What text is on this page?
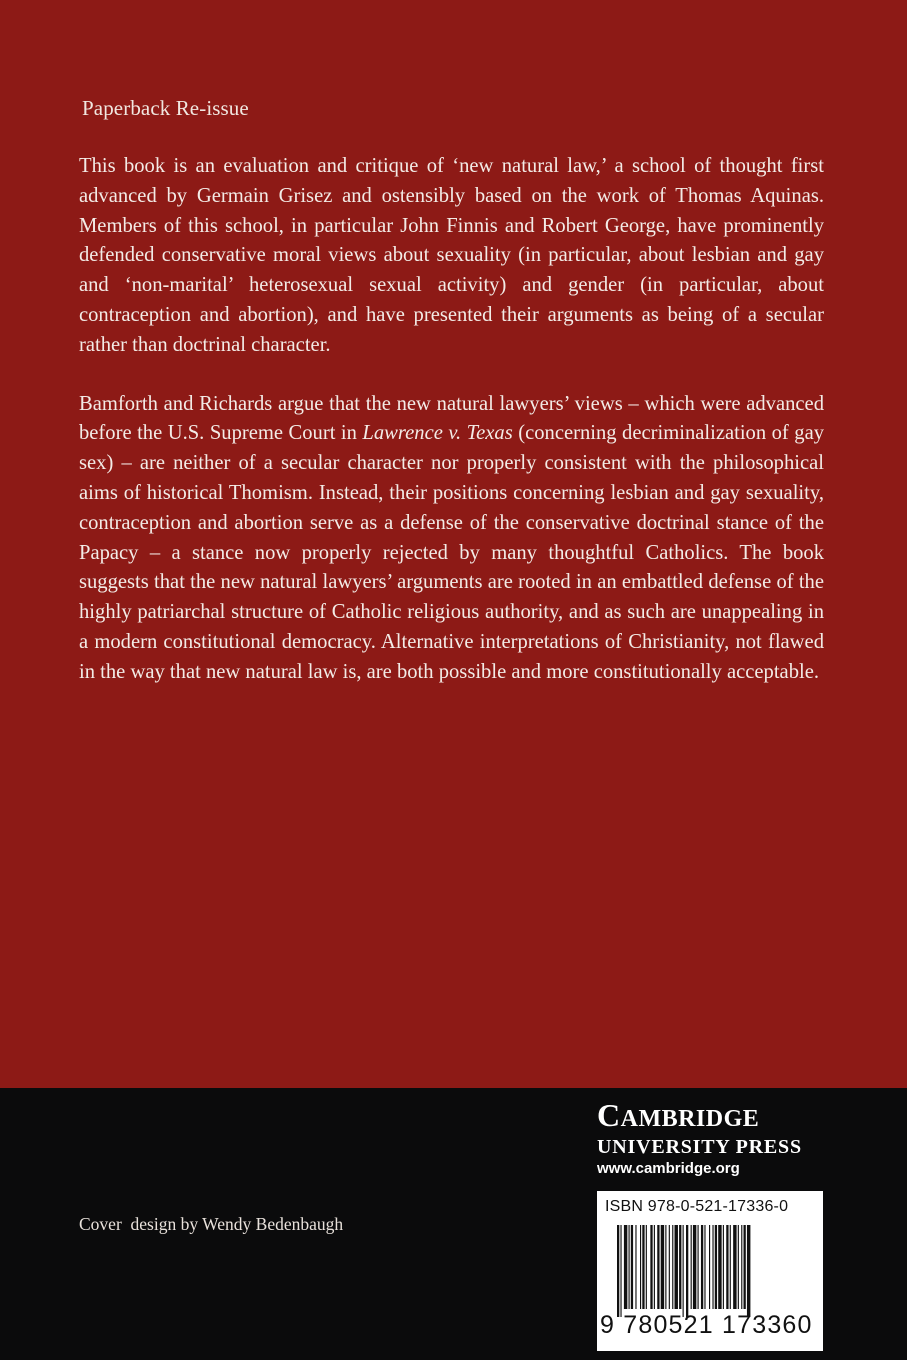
Paperback Re-issue

This book is an evaluation and critique of ‘new natural law,’ a school of thought first advanced by Germain Grisez and ostensibly based on the work of Thomas Aquinas. Members of this school, in particular John Finnis and Robert George, have prominently defended conservative moral views about sexuality (in particular, about lesbian and gay and ‘non-marital’ heterosexual sexual activity) and gender (in particular, about contraception and abortion), and have presented their arguments as being of a secular rather than doctrinal character.

Bamforth and Richards argue that the new natural lawyers’ views – which were advanced before the U.S. Supreme Court in Lawrence v. Texas (concerning decriminalization of gay sex) – are neither of a secular character nor properly consistent with the philosophical aims of historical Thomism. Instead, their positions concerning lesbian and gay sexuality, contraception and abortion serve as a defense of the conservative doctrinal stance of the Papacy – a stance now properly rejected by many thoughtful Catholics. The book suggests that the new natural lawyers’ arguments are rooted in an embattled defense of the highly patriarchal structure of Catholic religious authority, and as such are unappealing in a modern constitutional democracy. Alternative interpretations of Christianity, not flawed in the way that new natural law is, are both possible and more constitutionally acceptable.

Cover  design by Wendy Bedenbaugh
CAMBRIDGE
UNIVERSITY PRESS
www.cambridge.org
ISBN 978-0-521-17336-0
9 780521 173360
